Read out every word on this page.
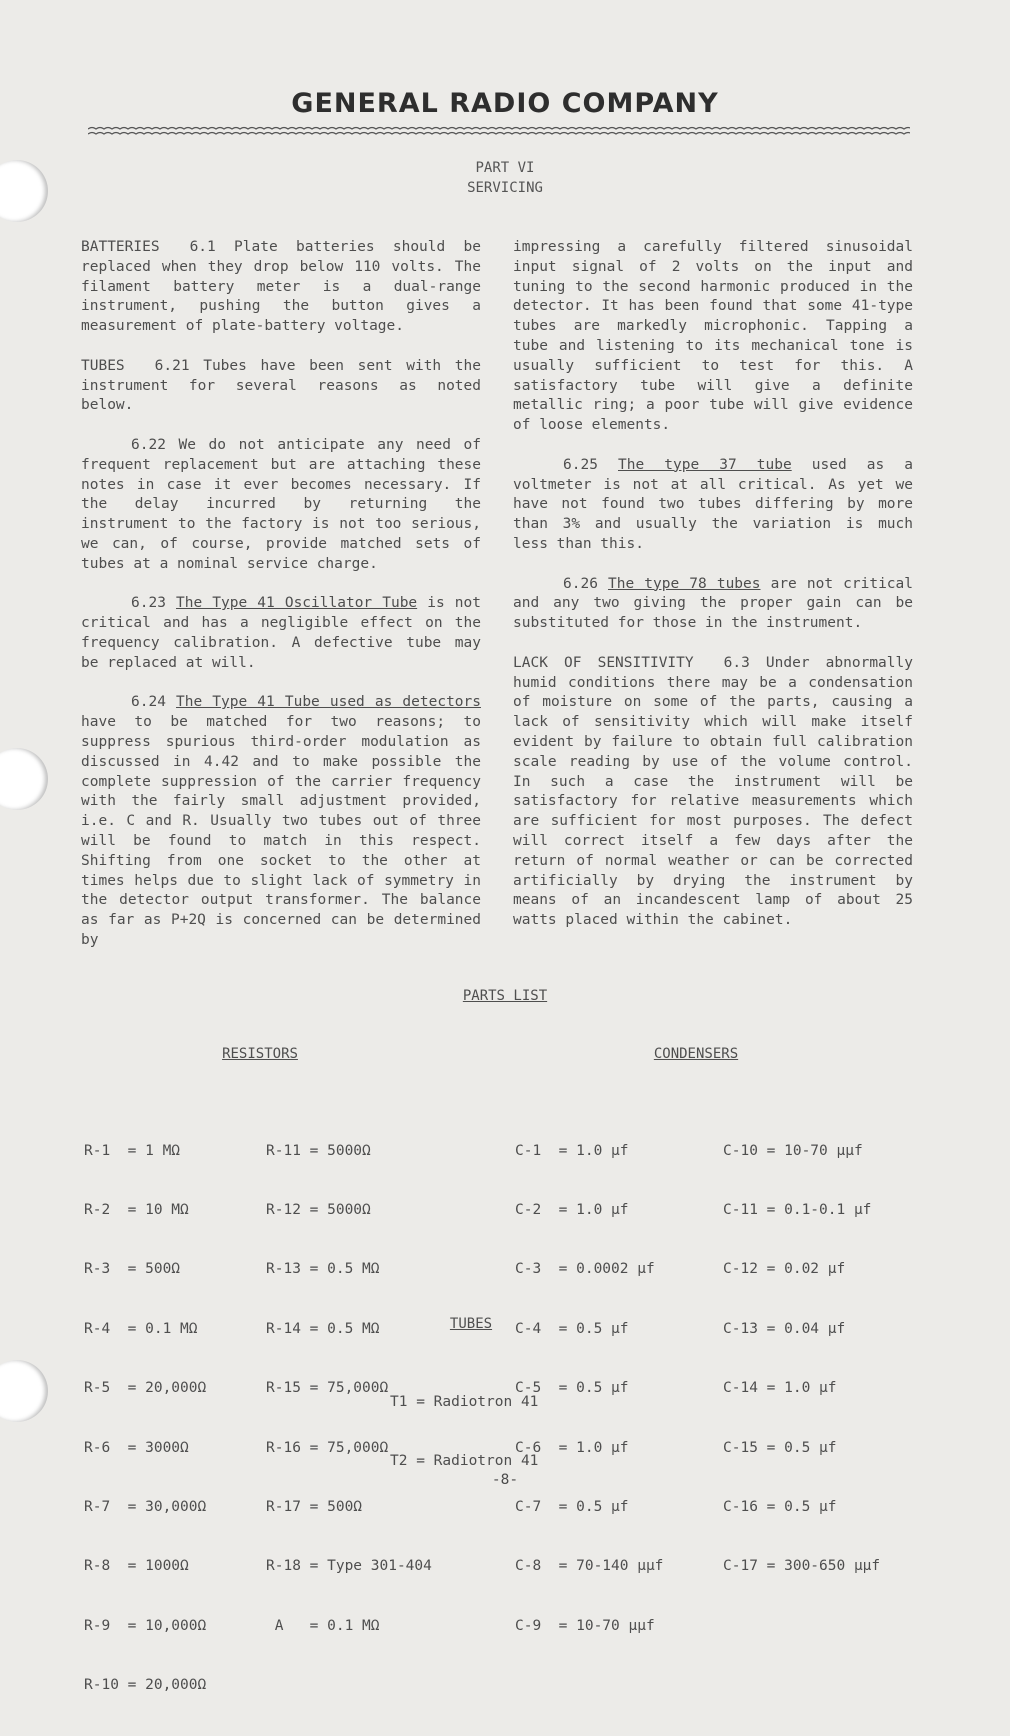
GENERAL RADIO COMPANY
PART VI
SERVICING

BATTERIES 6.1 Plate batteries should be replaced when they drop below 110 volts. The filament battery meter is a dual-range instrument, pushing the button gives a measurement of plate-battery voltage.

TUBES 6.21 Tubes have been sent with the instrument for several reasons as noted below.

6.22 We do not anticipate any need of frequent replacement but are attaching these notes in case it ever becomes necessary. If the delay incurred by returning the instrument to the factory is not too serious, we can, of course, provide matched sets of tubes at a nominal service charge.

6.23 The Type 41 Oscillator Tube is not critical and has a negligible effect on the frequency calibration. A defective tube may be replaced at will.

6.24 The Type 41 Tube used as detectors have to be matched for two reasons; to suppress spurious third-order modulation as discussed in 4.42 and to make possible the complete suppression of the carrier frequency with the fairly small adjustment provided, i.e. C and R. Usually two tubes out of three will be found to match in this respect. Shifting from one socket to the other at times helps due to slight lack of symmetry in the detector output transformer. The balance as far as P+2Q is concerned can be determined by

impressing a carefully filtered sinusoidal input signal of 2 volts on the input and tuning to the second harmonic produced in the detector. It has been found that some 41-type tubes are markedly microphonic. Tapping a tube and listening to its mechanical tone is usually sufficient to test for this. A satisfactory tube will give a definite metallic ring; a poor tube will give evidence of loose elements.

6.25 The type 37 tube used as a voltmeter is not at all critical. As yet we have not found two tubes differing by more than 3% and usually the variation is much less than this.

6.26 The type 78 tubes are not critical and any two giving the proper gain can be substituted for those in the instrument.

LACK OF SENSITIVITY 6.3 Under abnormally humid conditions there may be a condensation of moisture on some of the parts, causing a lack of sensitivity which will make itself evident by failure to obtain full calibration scale reading by use of the volume control. In such a case the instrument will be satisfactory for relative measurements which are sufficient for most purposes. The defect will correct itself a few days after the return of normal weather or can be corrected artificially by drying the instrument by means of an incandescent lamp of about 25 watts placed within the cabinet.

PARTS LIST
RESISTORS	CONDENSERS

R-1  = 1 MΩ

R-2  = 10 MΩ

R-3  = 500Ω

R-4  = 0.1 MΩ

R-5  = 20,000Ω

R-6  = 3000Ω

R-7  = 30,000Ω

R-8  = 1000Ω

R-9  = 10,000Ω

R-10 = 20,000Ω

R-11 = 5000Ω

R-12 = 5000Ω

R-13 = 0.5 MΩ

R-14 = 0.5 MΩ

R-15 = 75,000Ω

R-16 = 75,000Ω

R-17 = 500Ω

R-18 = Type 301-404

A   = 0.1 MΩ

C-1  = 1.0 μf

C-2  = 1.0 μf

C-3  = 0.0002 μf

C-4  = 0.5 μf

C-5  = 0.5 μf

C-6  = 1.0 μf

C-7  = 0.5 μf

C-8  = 70-140 μμf

C-9  = 10-70 μμf

C-10 = 10-70 μμf

C-11 = 0.1-0.1 μf

C-12 = 0.02 μf

C-13 = 0.04 μf

C-14 = 1.0 μf

C-15 = 0.5 μf

C-16 = 0.5 μf

C-17 = 300-650 μμf

TUBES

T1 = Radiotron 41

T2 = Radiotron 41

-8-
